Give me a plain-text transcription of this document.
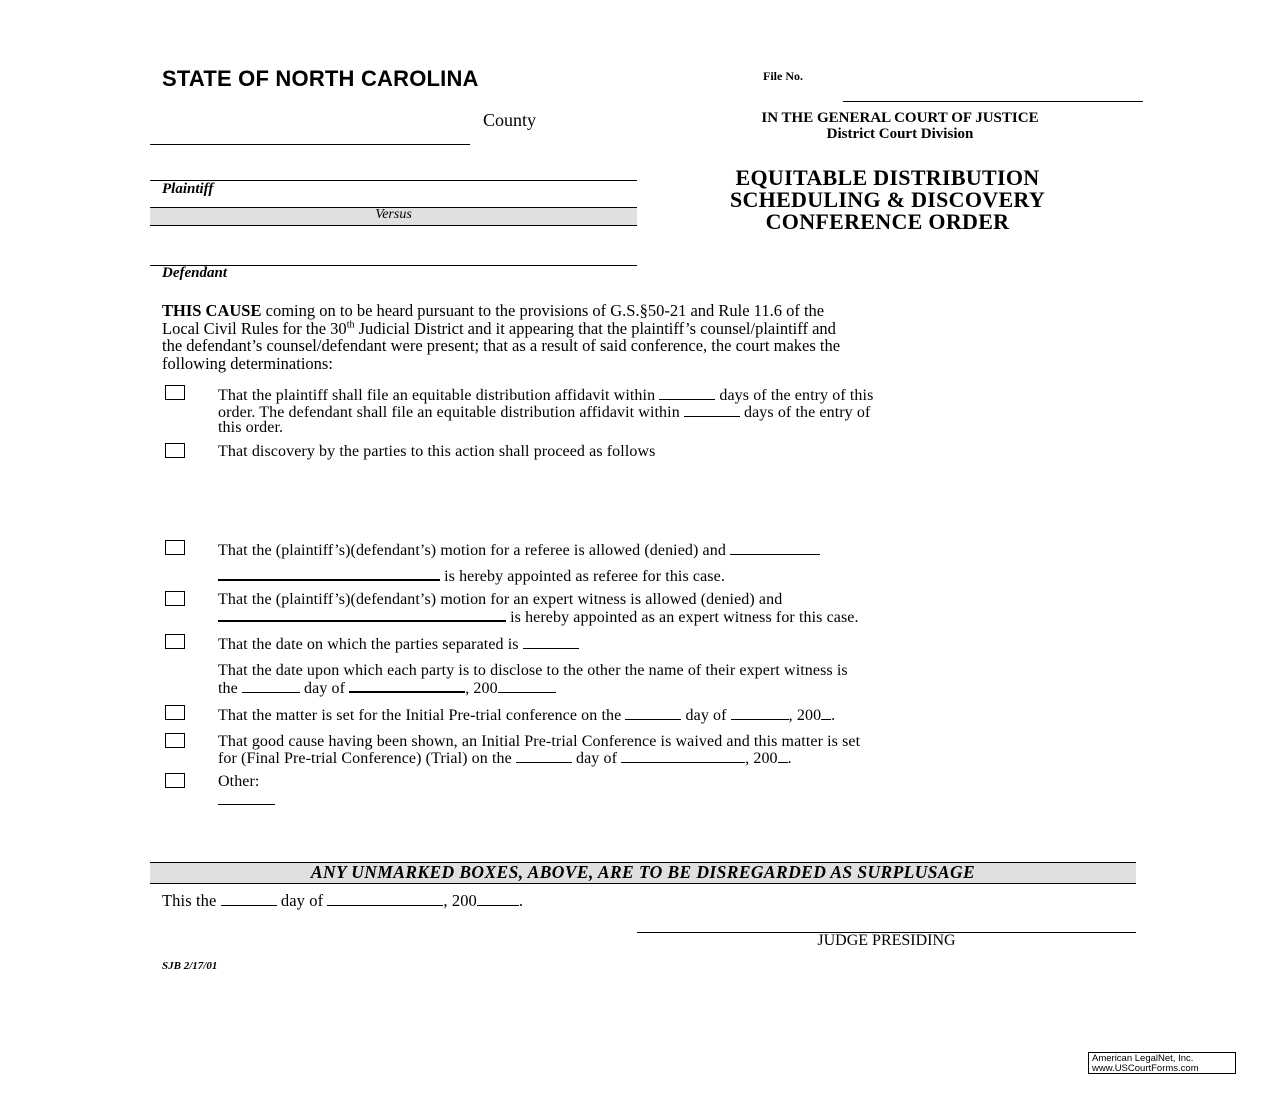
STATE OF NORTH CAROLINA	File No.
County	IN THE GENERAL COURT OF JUSTICE
District Court Division
Plaintiff
Versus
Defendant
EQUITABLE DISTRIBUTION
SCHEDULING & DISCOVERY
CONFERENCE ORDER
THIS CAUSE coming on to be heard pursuant to the provisions of G.S.§50-21 and Rule 11.6 of the
Local Civil Rules for the 30th Judicial District and it appearing that the plaintiff’s counsel/plaintiff and
the defendant’s counsel/defendant were present; that as a result of said conference, the court makes the
following determinations:
That the plaintiff shall file an equitable distribution affidavit within	days of the entry of this
order. The defendant shall file an equitable distribution affidavit within	days of the entry of
this order.
That discovery by the parties to this action shall proceed as follows
That the (plaintiff’s)(defendant’s) motion for a referee is allowed (denied) and
is hereby appointed as referee for this case.
That the (plaintiff’s)(defendant’s) motion for an expert witness is allowed (denied) and
is hereby appointed as an expert witness for this case.
That the date on which the parties separated is
That the date upon which each party is to disclose to the other the name of their expert witness is
the	day of	, 200
That the matter is set for the Initial Pre-trial conference on the	day of	, 200 .
That good cause having been shown, an Initial Pre-trial Conference is waived and this matter is set
for (Final Pre-trial Conference) (Trial) on the	day of	, 200 .
Other:
ANY UNMARKED BOXES, ABOVE, ARE TO BE DISREGARDED AS SURPLUSAGE
This the	day of	, 200	.
JUDGE PRESIDING
SJB 2/17/01
American LegalNet, Inc.
www.USCourtForms.com
